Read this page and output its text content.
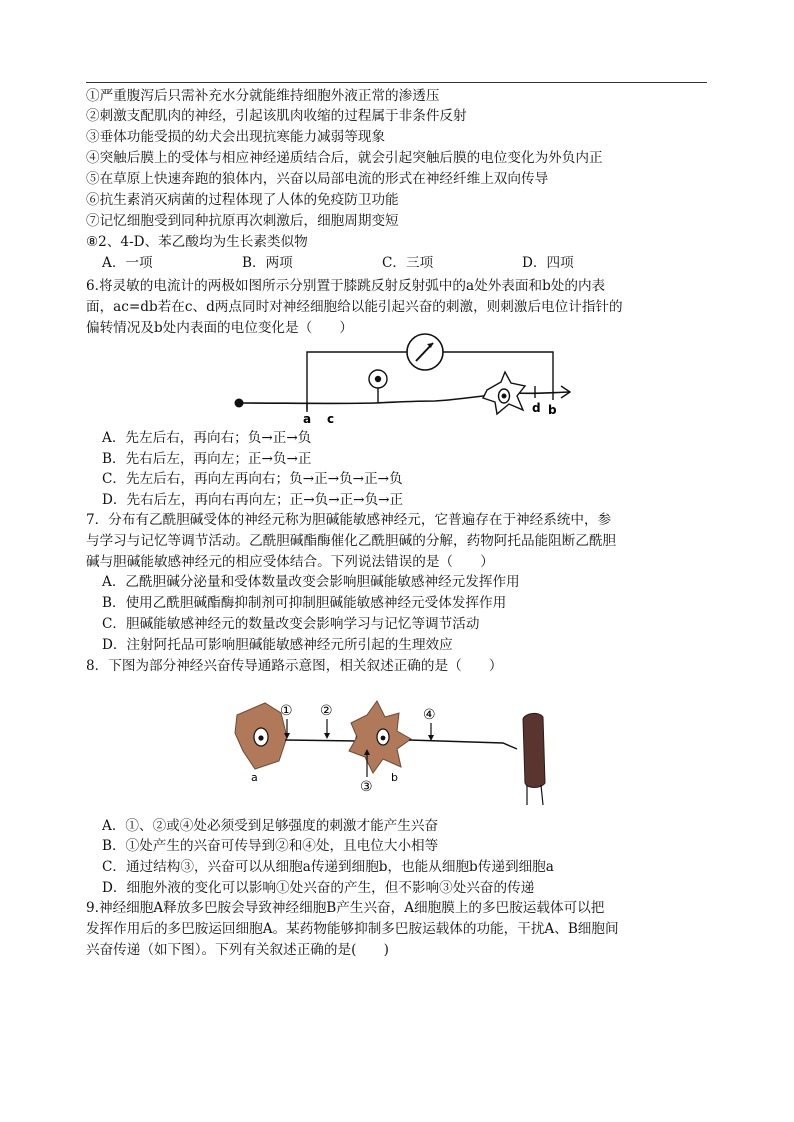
①严重腹泻后只需补充水分就能维持细胞外液正常的渗透压
②刺激支配肌肉的神经，引起该肌肉收缩的过程属于非条件反射
③垂体功能受损的幼犬会出现抗寒能力减弱等现象
④突触后膜上的受体与相应神经递质结合后，就会引起突触后膜的电位变化为外负内正
⑤在草原上快速奔跑的狼体内，兴奋以局部电流的形式在神经纤维上双向传导
⑥抗生素消灭病菌的过程体现了人体的免疫防卫功能
⑦记忆细胞受到同种抗原再次刺激后，细胞周期变短
⑧2、4-D、苯乙酸均为生长素类似物
A．一项	B．两项	C．三项	D．四项
6.将灵敏的电流计的两极如图所示分别置于膝跳反射反射弧中的a处外表面和b处的内表
面，ac=db若在c、d两点同时对神经细胞给以能引起兴奋的刺激，则刺激后电位计指针的
偏转情况及b处内表面的电位变化是（　　）
a c
d b
A．先左后右，再向右；负→正→负
B．先右后左，再向左；正→负→正
C．先左后右，再向左再向右；负→正→负→正→负
D．先右后左，再向右再向左；正→负→正→负→正
7．分布有乙酰胆碱受体的神经元称为胆碱能敏感神经元，它普遍存在于神经系统中，参
与学习与记忆等调节活动。乙酰胆碱酯酶催化乙酰胆碱的分解，药物阿托品能阻断乙酰胆
碱与胆碱能敏感神经元的相应受体结合。下列说法错误的是（　　）
A．乙酰胆碱分泌量和受体数量改变会影响胆碱能敏感神经元发挥作用
B．使用乙酰胆碱酯酶抑制剂可抑制胆碱能敏感神经元受体发挥作用
C．胆碱能敏感神经元的数量改变会影响学习与记忆等调节活动
D．注射阿托品可影响胆碱能敏感神经元所引起的生理效应
8．下图为部分神经兴奋传导通路示意图，相关叙述正确的是（　　）
① ②	④
③
a	b
A．①、②或④处必须受到足够强度的刺激才能产生兴奋
B．①处产生的兴奋可传导到②和④处，且电位大小相等
C．通过结构③，兴奋可以从细胞a传递到细胞b，也能从细胞b传递到细胞a
D．细胞外液的变化可以影响①处兴奋的产生，但不影响③处兴奋的传递
9.神经细胞A释放多巴胺会导致神经细胞B产生兴奋，A细胞膜上的多巴胺运载体可以把
发挥作用后的多巴胺运回细胞A。某药物能够抑制多巴胺运载体的功能，干扰A、B细胞间
兴奋传递（如下图）。下列有关叙述正确的是(　　)
